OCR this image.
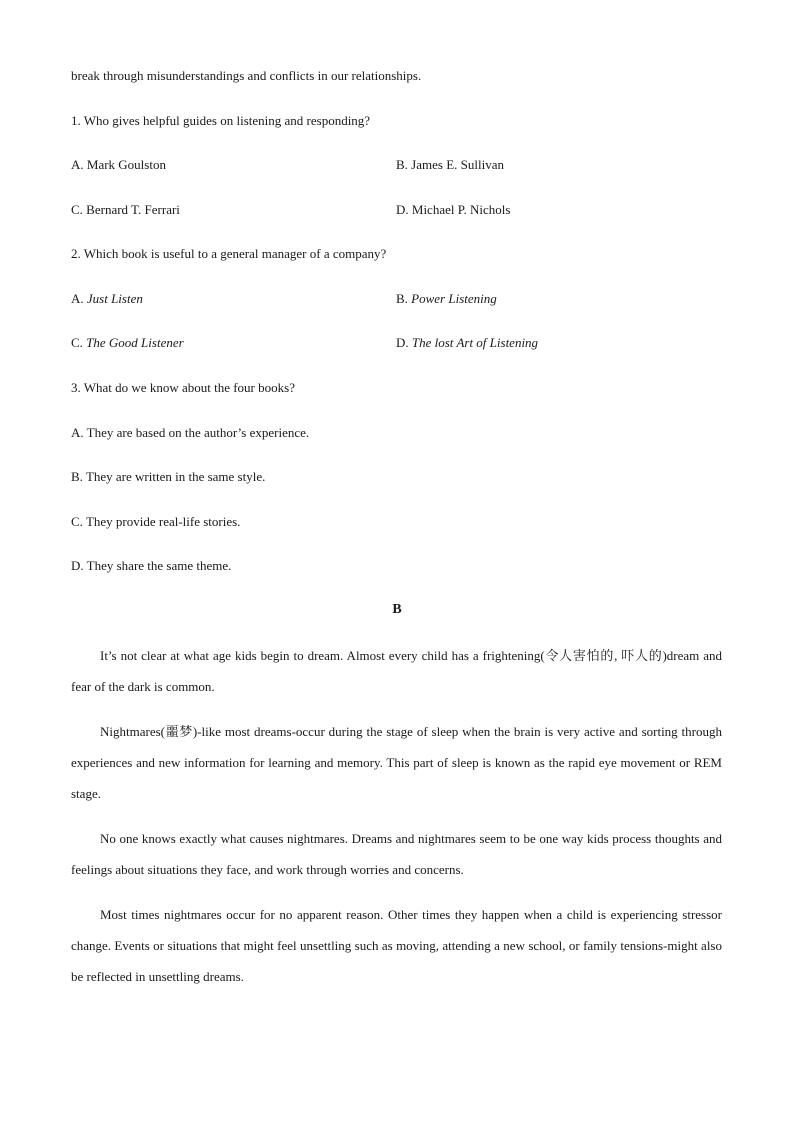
break through misunderstandings and conflicts in our relationships.
1. Who gives helpful guides on listening and responding?
A. Mark Goulston	B. James E. Sullivan
C. Bernard T. Ferrari	D. Michael P. Nichols
2. Which book is useful to a general manager of a company?
A. Just Listen	B. Power Listening
C. The Good Listener	D. The lost Art of Listening
3. What do we know about the four books?
A. They are based on the author’s experience.
B. They are written in the same style.
C. They provide real-life stories.
D. They share the same theme.
B

It’s not clear at what age kids begin to dream. Almost every child has a frightening(令人害怕的, 吓人的)dream and fear of the dark is common.

Nightmares(噩梦)-like most dreams-occur during the stage of sleep when the brain is very active and sorting through experiences and new information for learning and memory. This part of sleep is known as the rapid eye movement or REM stage.

No one knows exactly what causes nightmares. Dreams and nightmares seem to be one way kids process thoughts and feelings about situations they face, and work through worries and concerns.

Most times nightmares occur for no apparent reason. Other times they happen when a child is experiencing stressor change. Events or situations that might feel unsettling such as moving, attending a new school, or family tensions-might also be reflected in unsettling dreams.
